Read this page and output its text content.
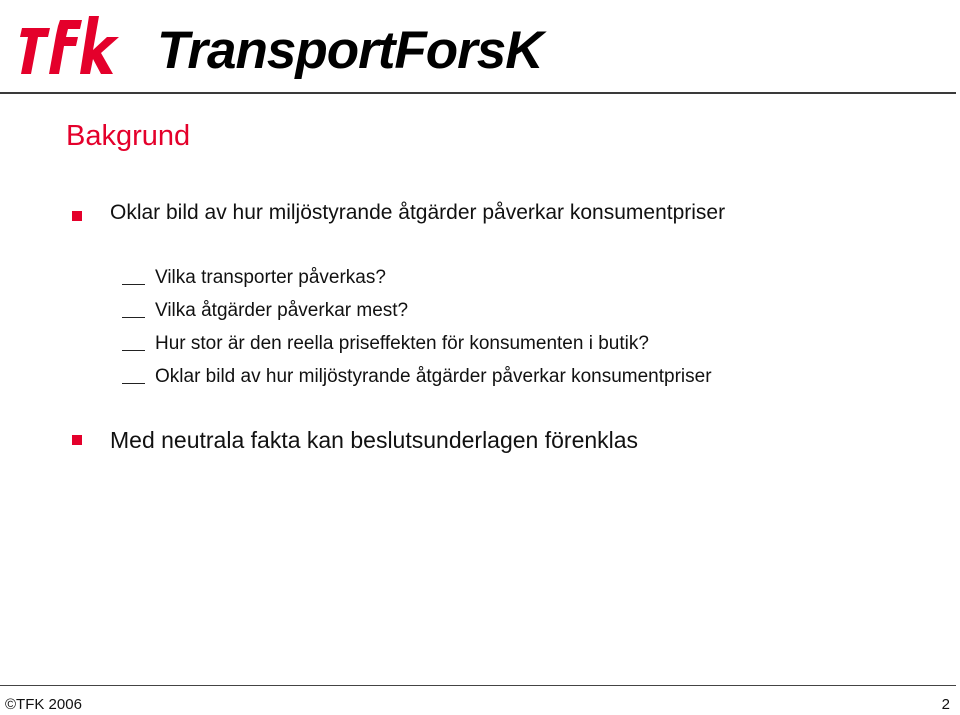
TransportForsK
Bakgrund
Oklar bild av hur miljöstyrande åtgärder påverkar konsumentpriser
Vilka transporter påverkas?
Vilka åtgärder påverkar mest?
Hur stor är den reella priseffekten för konsumenten i butik?
Oklar bild av hur miljöstyrande åtgärder påverkar konsumentpriser
Med neutrala fakta kan beslutsunderlagen förenklas
©TFK 2006	2
